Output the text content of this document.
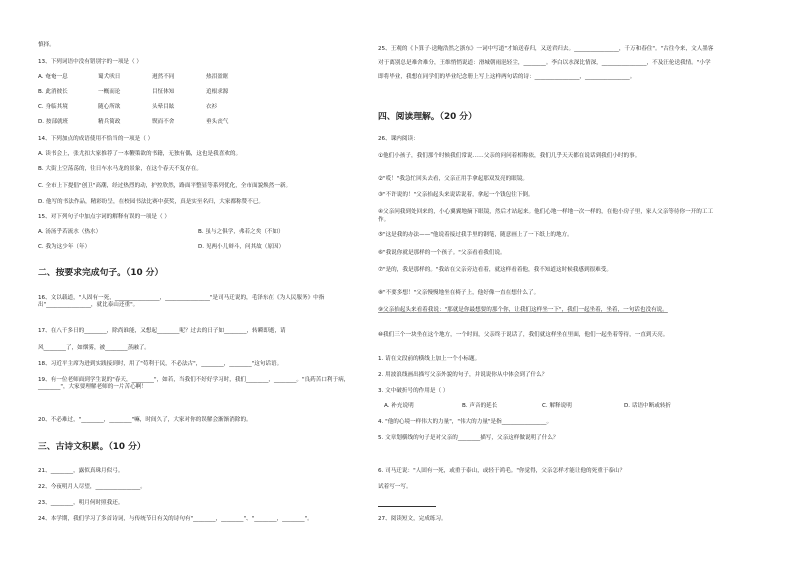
慎择。
13、下列词语中没有错别字的一项是（ ）
A. 奄奄一息	蜀犬吠日	迥然不同	热泪盈眶
B. 此消彼长	一概而论	目怔体知	追根求源
C. 身临其境	随心所欲	头晕目眩	衣衫
D. 按部就班	精兵简政	锲而不舍	垂头丧气
14、下列加点的成语使用不恰当的一项是（ ）
A. 读书会上，张尤扣大家推荐了一本鞭策欲的书籍，无独有偶，这也是我喜欢的。
B. 大街上空荡荡的，往日车水马龙的景象，在这个春天不复存在。
C. 全市上下提倡"创卫"高潮，经过热烈的动，护控欣然，路面平整显等系列优化，全市面貌焕然一新。
D. 他写的书法作品，精彩纷呈，在校园书法比赛中获奖，真是实至名归，大家都称赞不已。
15、对下列句子中加点字词的解释有误的一项是（ ）
A. 汤汤乎若流水（热水）	B. 虽与之俱学，弗若之矣（不如）
C. 我为这少年（年）	D. 见两小儿辩斗，问其故（原因）
二、按要求完成句子。（10 分）
16、文以载道，"人固有一死，________________，________________"是司马迁说的，毛泽东在《为人民服务》中指出"________________，就比泰山还重"。
17、在八千多日的________，除尚谁能，又想起________呢？过去的日子如________，转瞬即逝，请
风________了，如烟雾，被________蒸融了。
18、习近平主席为进到实践接到时，用了"苟利于民，不必法古"，________，________"这句话语。
19、有一位老师面到学生说的"春天，________"，如若，当我们不好好学习时，我们________，________。"良药苦口利于病，________"，大家要理解老师的一片苦心啊！
20、不必难过，"________，________"嘛，时间久了，大家对你的误解会渐渐消除的。
三、古诗文积累。（10 分）
21、________，露似真珠月似弓。
22、今夜明月人尽望，________________。
23、________，明月何时照我还。
24、本学期，我们学习了多首诗词，与传统节日有关的诗句有"________，________"、"________，________"。
25、王观的《卜算子·送鲍浩然之浙东》一词中写道"才始送春归，又送君归去。________________，千万和春住"。"古往今来，文人墨客对于离别总是难舍难分，王维悄悄说道：滑城朝雨浥轻尘，________。李白以水深比情深，________________，不及汪伦送我情。"小学即将毕业，我想在同学们的毕业纪念册上写上这样两句话的诗：________________，________________。
四、阅读理解。（20 分）
26、课内阅读：
①他们小孩子，我们那个时候我们常说……父亲的问问着相称依，我们几乎天天都在说话到我们小时的事。
②"哎！"我急忙回头去看，父亲正用手拿起那双发亮的眼镜。
③"不许说的！"父亲抬起头来说话说着，拿起一个钱包往下倒。
④父亲问我到处回来的，小心翼翼地摘下眼镜，然后才站起来。他们心地一样地一次一样的，在他小房子里，家人父亲等待你一开的工工作。
⑤"这是我的办法——"他说着接过我手里的钢笔，随意画上了一下纸上的地方。
⑥"我说你就是那样的一个孩子。"父亲看看我们说。
⑦"是的，我是那样的。"我站在父亲旁边看着，就这样看着他，我不知道这时候我感到很难受。
⑧"不要多想！"父亲慢慢地坐在椅子上，他好像一直在想什么了。
⑨父亲抬起头来看着我说："那就是你最想要的那个你，让我们这样坐一下"，我们一起坐着，坐着，一句话也没有说。
⑩我们三个一块坐在这个地方，一个时间，父亲终于说话了，我们就这样坐在里面，他们一起坐着等待，一直到天亮。
1. 请在文段前的横线上加上一个小标题。
2. 用波浪线画出描写父亲外貌的句子，并说说你从中体会到了什么？
3. 文中破折号的作用是（ ）
A. 补充说明	B. 声音的延长	C. 解释说明	D. 话语中断或转折
4. "他的心境一样伟大的力量"，"伟大的力量"是指________________。
5. 文章划横线的句子是对父亲的________描写，父亲这样做说明了什么？
6. 司马迁说："人固有一死，或重于泰山，或轻于鸿毛。"你觉得，父亲怎样才能让他的死重于泰山？
试着写一写。
27、阅读短文，完成练习。
